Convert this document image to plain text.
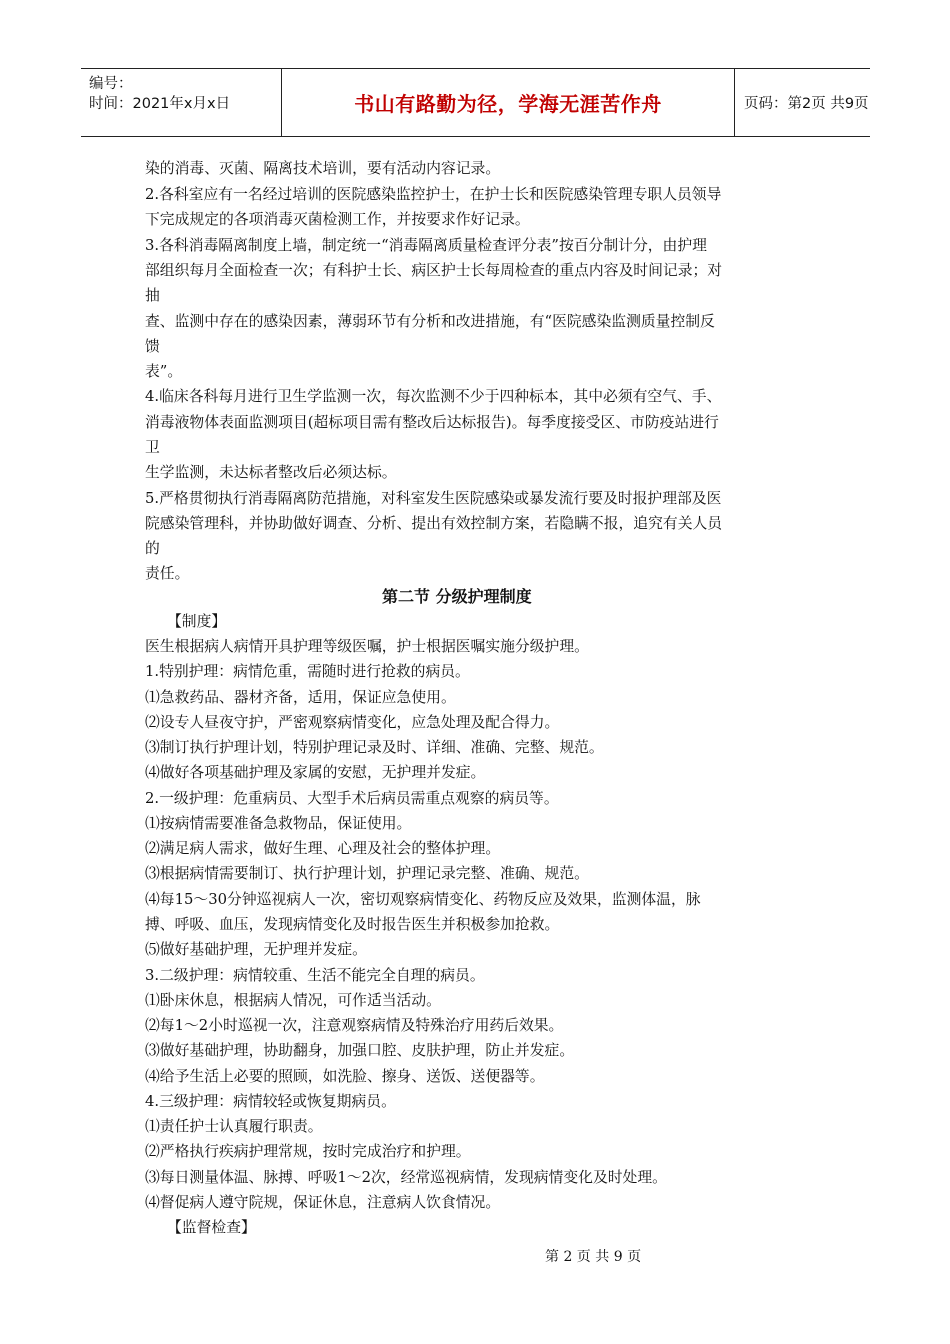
编号：
时间：2021年x月x日	书山有路勤为径，学海无涯苦作舟	页码：第2页 共9页
染的消毒、灭菌、隔离技术培训，要有活动内容记录。
2.各科室应有一名经过培训的医院感染监控护士，在护士长和医院感染管理专职人员领导
下完成规定的各项消毒灭菌检测工作，并按要求作好记录。
3.各科消毒隔离制度上墙，制定统一“消毒隔离质量检查评分表”按百分制计分，由护理
部组织每月全面检查一次；有科护士长、病区护士长每周检查的重点内容及时间记录；对
抽
查、监测中存在的感染因素，薄弱环节有分析和改进措施，有“医院感染监测质量控制反
馈
表”。
4.临床各科每月进行卫生学监测一次，每次监测不少于四种标本，其中必须有空气、手、
消毒液物体表面监测项目(超标项目需有整改后达标报告)。每季度接受区、市防疫站进行
卫
生学监测，未达标者整改后必须达标。
5.严格贯彻执行消毒隔离防范措施，对科室发生医院感染或暴发流行要及时报护理部及医
院感染管理科，并协助做好调查、分析、提出有效控制方案，若隐瞒不报，追究有关人员
的
责任。
第二节 分级护理制度
【制度】
医生根据病人病情开具护理等级医嘱，护士根据医嘱实施分级护理。
1.特别护理：病情危重，需随时进行抢救的病员。
⑴急救药品、器材齐备，适用，保证应急使用。
⑵设专人昼夜守护，严密观察病情变化，应急处理及配合得力。
⑶制订执行护理计划，特别护理记录及时、详细、准确、完整、规范。
⑷做好各项基础护理及家属的安慰，无护理并发症。
2.一级护理：危重病员、大型手术后病员需重点观察的病员等。
⑴按病情需要准备急救物品，保证使用。
⑵满足病人需求，做好生理、心理及社会的整体护理。
⑶根据病情需要制订、执行护理计划，护理记录完整、准确、规范。
⑷每15～30分钟巡视病人一次，密切观察病情变化、药物反应及效果，监测体温，脉
搏、呼吸、血压，发现病情变化及时报告医生并积极参加抢救。
⑸做好基础护理，无护理并发症。
3.二级护理：病情较重、生活不能完全自理的病员。
⑴卧床休息，根据病人情况，可作适当活动。
⑵每1～2小时巡视一次，注意观察病情及特殊治疗用药后效果。
⑶做好基础护理，协助翻身，加强口腔、皮肤护理，防止并发症。
⑷给予生活上必要的照顾，如洗脸、擦身、送饭、送便器等。
4.三级护理：病情较轻或恢复期病员。
⑴责任护士认真履行职责。
⑵严格执行疾病护理常规，按时完成治疗和护理。
⑶每日测量体温、脉搏、呼吸1～2次，经常巡视病情，发现病情变化及时处理。
⑷督促病人遵守院规，保证休息，注意病人饮食情况。
【监督检查】
第 2 页 共 9 页
